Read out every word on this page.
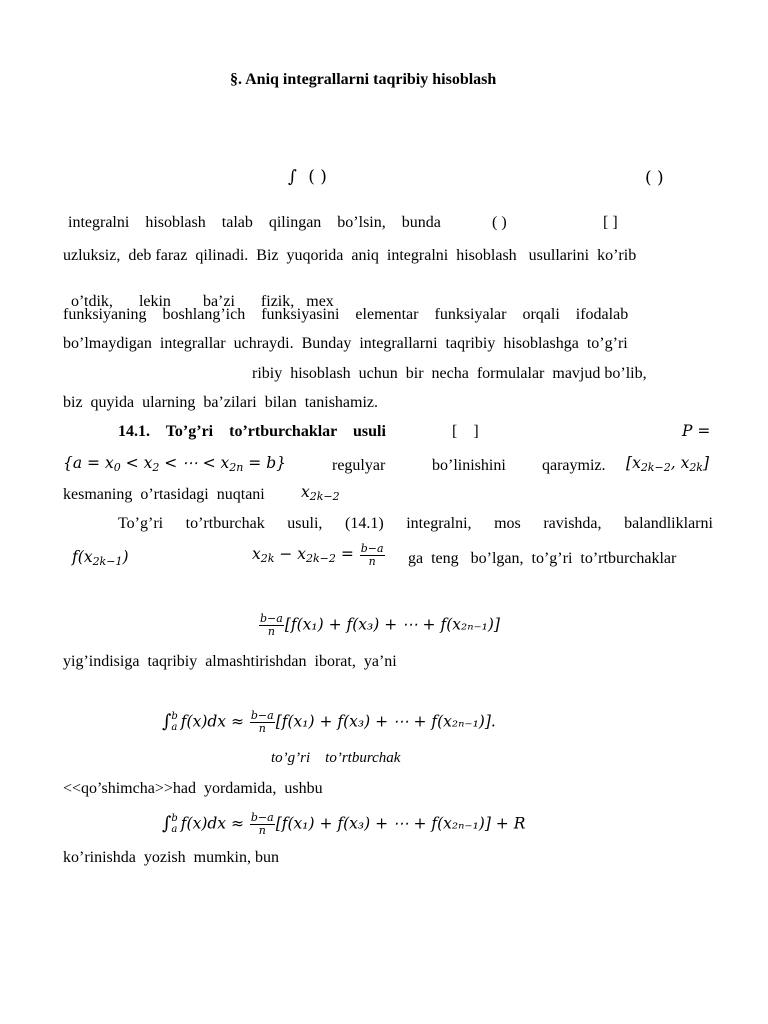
§. Aniq integrallarni taqribiy hisoblash
∫ ( )	( )
integralni hisoblash talab qilingan bo’lsin, bunda	( )	[ ]
uzluksiz,  deb faraz  qilinadi.  Biz  yuqorida  aniq  integralni  hisoblash   usullarini  ko’rib

o’tdik, lekin ba’zi fizik, mex

funksiyaning    boshlang’ich    funksiyasini    elementar    funksiyalar    orqali    ifodalab
bo’lmaydigan  integrallar  uchraydi.  Bunday  integrallarni  taqribiy  hisoblashga  to’g’ri
ribiy  hisoblash  uchun  bir  necha  formulalar  mavjud bo’lib,
biz  quyida  ularning  ba’zilari  bilan  tanishamiz.
14.1.    To’g’ri    to’rtburchaklar    usuli	[    ]	P =
{$a = x_0 < x_2$ < ⋯ < $x_{2n} = b$}	regulyar	bo’linishini qaraymiz. [$x_{2k-2}$, $x_{2k}$]
kesmaning  o’rtasidagi  nuqtani $x_{2k-2}$
To’g’ri to’rtburchak usuli, (14.1) integralni, mos ravishda, balandliklarni
$f(x_{2k-1})$	$x_{2k} - x_{2k-2} = \frac{b-a}{n}$ ga  teng   bo’lgan,  to’g’ri  to’rtburchaklar
$\frac{b-a}{n} [f(x_1) + f(x_3)$ + ⋯ + f(x₂ₙ₋₁)]
yig’indisiga  taqribiy  almashtirishdan  iborat,  ya’ni
∫ b
a $f(x)dx \approx \frac{b-a}{n} [f(x_1) + f(x_3)$ + ⋯ + f(x₂ₙ₋₁)].
to’g’ri    to’rtburchak
<<qo’shimcha>>had  yordamida,  ushbu
∫ b
a $f(x)dx \approx \frac{b-a}{n} [f(x_1) + f(x_3)$ + ⋯ + f(x₂ₙ₋₁)] + R
ko’rinishda  yozish  mumkin, bun
